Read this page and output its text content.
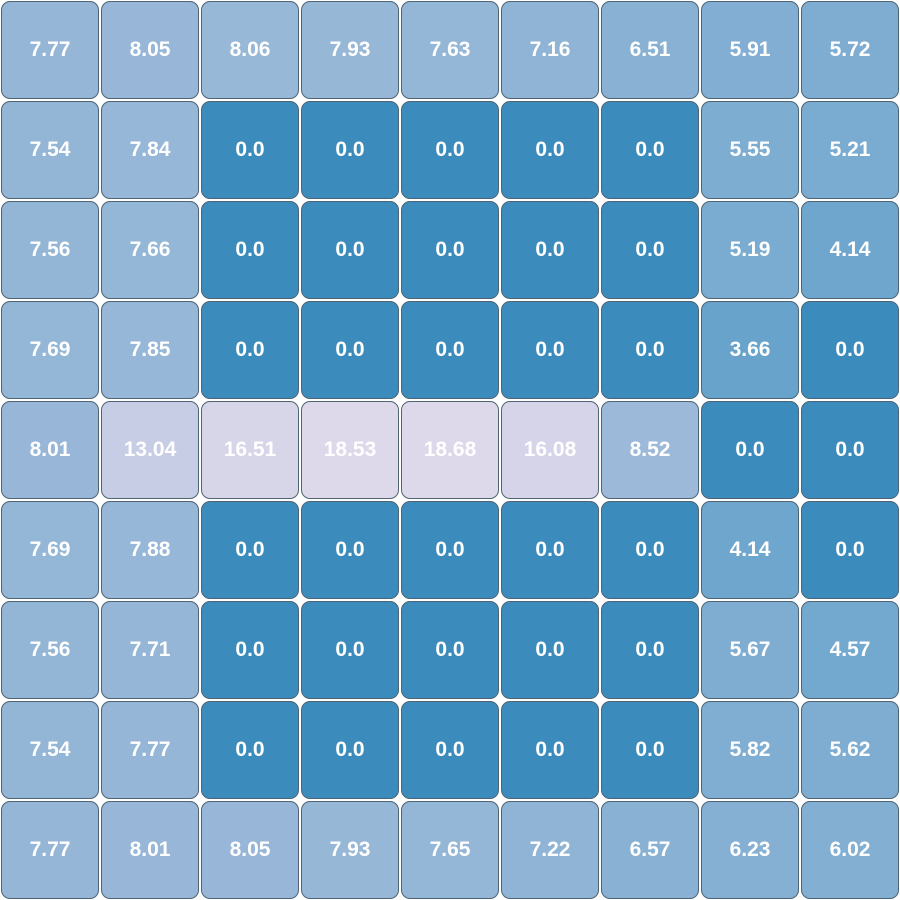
7.77	8.05	8.06	7.93	7.63	7.16	6.51	5.91	5.72
7.54	7.84	0.0	0.0	0.0	0.0	0.0	5.55	5.21
7.56	7.66	0.0	0.0	0.0	0.0	0.0	5.19	4.14
7.69	7.85	0.0	0.0	0.0	0.0	0.0	3.66	0.0
8.01	13.04	16.51	18.53	18.68	16.08	8.52	0.0	0.0
7.69	7.88	0.0	0.0	0.0	0.0	0.0	4.14	0.0
7.56	7.71	0.0	0.0	0.0	0.0	0.0	5.67	4.57
7.54	7.77	0.0	0.0	0.0	0.0	0.0	5.82	5.62
7.77	8.01	8.05	7.93	7.65	7.22	6.57	6.23	6.02
